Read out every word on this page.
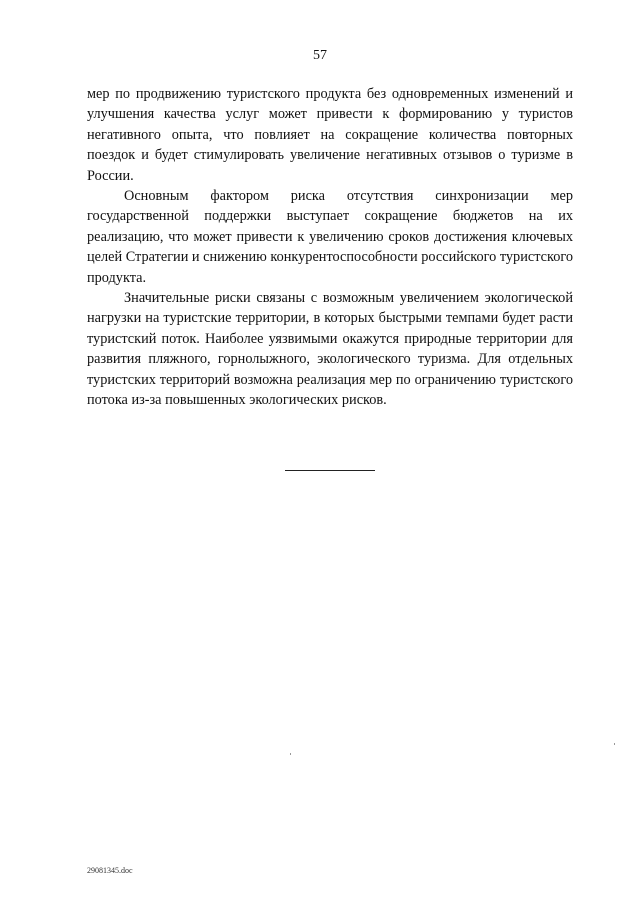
57

мер по продвижению туристского продукта без одновременных изменений и улучшения качества услуг может привести к формированию у туристов негативного опыта, что повлияет на сокращение количества повторных поездок и будет стимулировать увеличение негативных отзывов о туризме в России.

Основным фактором риска отсутствия синхронизации мер государственной поддержки выступает сокращение бюджетов на их реализацию, что может привести к увеличению сроков достижения ключевых целей Стратегии и снижению конкурентоспособности российского туристского продукта.

Значительные риски связаны с возможным увеличением экологической нагрузки на туристские территории, в которых быстрыми темпами будет расти туристский поток. Наиболее уязвимыми окажутся природные территории для развития пляжного, горнолыжного, экологического туризма. Для отдельных туристских территорий возможна реализация мер по ограничению туристского потока из-за повышенных экологических рисков.

29081345.doc
